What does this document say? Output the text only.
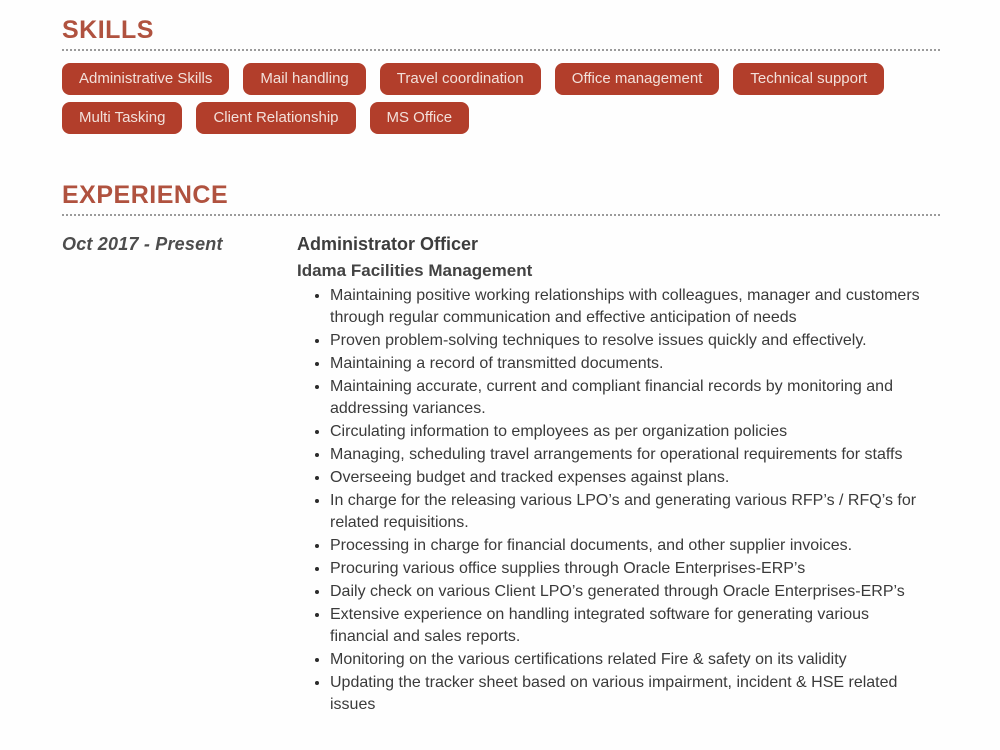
SKILLS
Administrative Skills	Mail handling	Travel coordination	Office management	Technical support
Multi Tasking	Client Relationship	MS Office
EXPERIENCE
Oct 2017 - Present	Administrator Officer
Idama Facilities Management
• Maintaining positive working relationships with colleagues, manager and customers through regular communication and effective anticipation of needs
• Proven problem-solving techniques to resolve issues quickly and effectively.
• Maintaining a record of transmitted documents.
• Maintaining accurate, current and compliant financial records by monitoring and addressing variances.
• Circulating information to employees as per organization policies
• Managing, scheduling travel arrangements for operational requirements for staffs
• Overseeing budget and tracked expenses against plans.
• In charge for the releasing various LPO’s and generating various RFP’s / RFQ’s for related requisitions.
• Processing in charge for financial documents, and other supplier invoices.
• Procuring various office supplies through Oracle Enterprises-ERP’s
• Daily check on various Client LPO’s generated through Oracle Enterprises-ERP’s
• Extensive experience on handling integrated software for generating various financial and sales reports.
• Monitoring on the various certifications related Fire & safety on its validity
• Updating the tracker sheet based on various impairment, incident & HSE related issues
